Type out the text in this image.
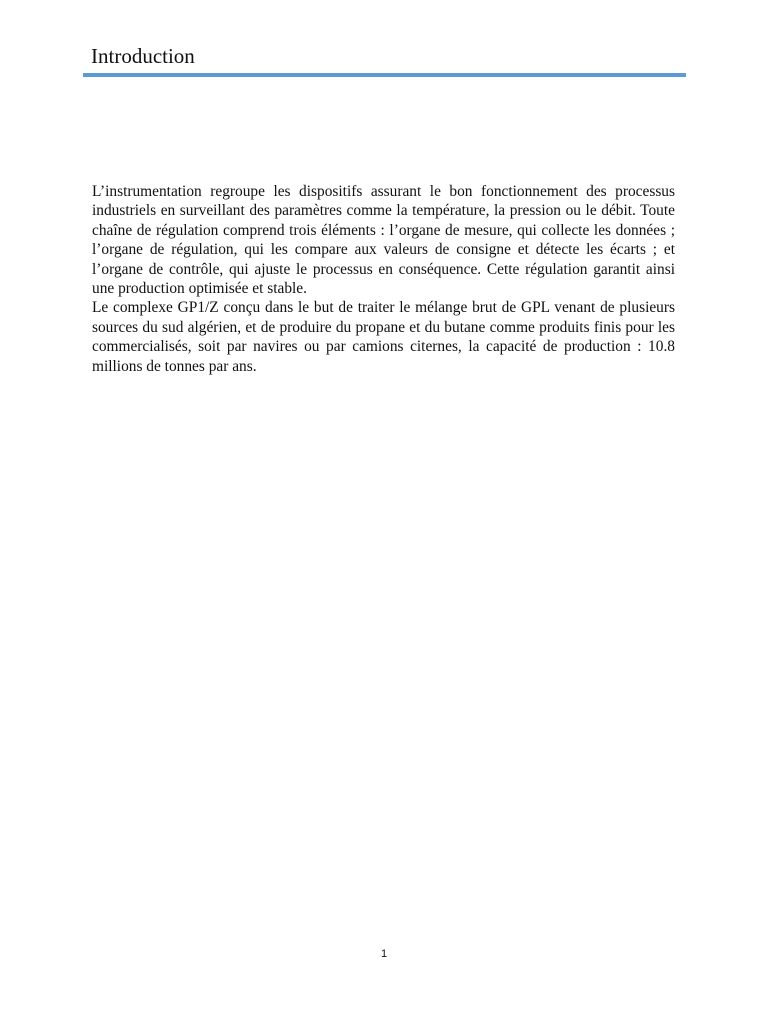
Introduction

L’instrumentation regroupe les dispositifs assurant le bon fonctionnement des processus industriels en surveillant des paramètres comme la température, la pression ou le débit. Toute chaîne de régulation comprend trois éléments : l’organe de mesure, qui collecte les données ; l’organe de régulation, qui les compare aux valeurs de consigne et détecte les écarts ; et l’organe de contrôle, qui ajuste le processus en conséquence. Cette régulation garantit ainsi une production optimisée et stable.

Le complexe GP1/Z conçu dans le but de traiter le mélange brut de GPL venant de plusieurs sources du sud algérien, et de produire du propane et du butane comme produits finis pour les commercialisés, soit par navires ou par camions citernes, la capacité de production : 10.8 millions de tonnes par ans.

1
